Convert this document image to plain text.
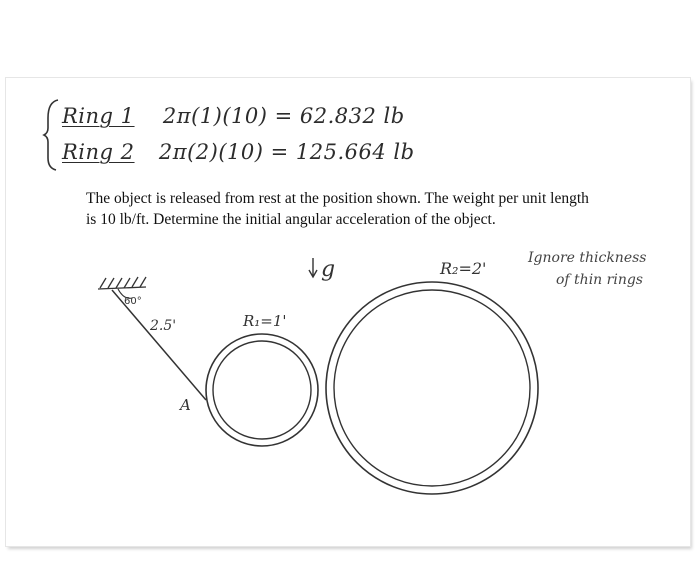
Ring 1 2π(1)(10) = 62.832 lb
Ring 2 2π(2)(10) = 125.664 lb

The object is released from rest at the position shown. The weight per unit length

is 10 lb/ft. Determine the initial angular acceleration of the object.

g
60°
2.5'
A
R₁=1'
R₂=2'
Ignore thickness
of thin rings
